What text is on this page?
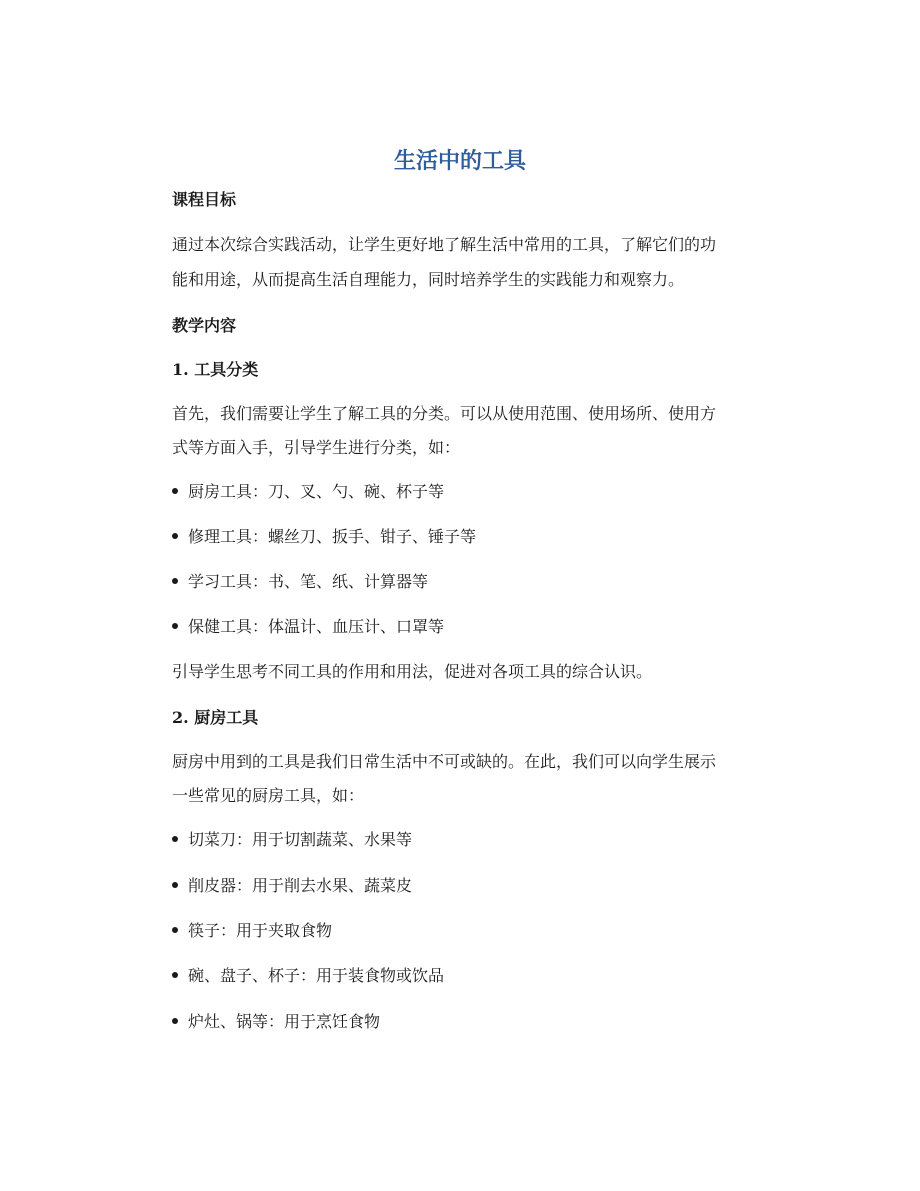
生活中的工具
课程目标
通过本次综合实践活动，让学生更好地了解生活中常用的工具，了解它们的功
能和用途，从而提高生活自理能力，同时培养学生的实践能力和观察力。
教学内容
1. 工具分类
首先，我们需要让学生了解工具的分类。可以从使用范围、使用场所、使用方
式等方面入手，引导学生进行分类，如：
厨房工具：刀、叉、勺、碗、杯子等
修理工具：螺丝刀、扳手、钳子、锤子等
学习工具：书、笔、纸、计算器等
保健工具：体温计、血压计、口罩等
引导学生思考不同工具的作用和用法，促进对各项工具的综合认识。
2. 厨房工具
厨房中用到的工具是我们日常生活中不可或缺的。在此，我们可以向学生展示
一些常见的厨房工具，如：
切菜刀：用于切割蔬菜、水果等
削皮器：用于削去水果、蔬菜皮
筷子：用于夹取食物
碗、盘子、杯子：用于装食物或饮品
炉灶、锅等：用于烹饪食物
